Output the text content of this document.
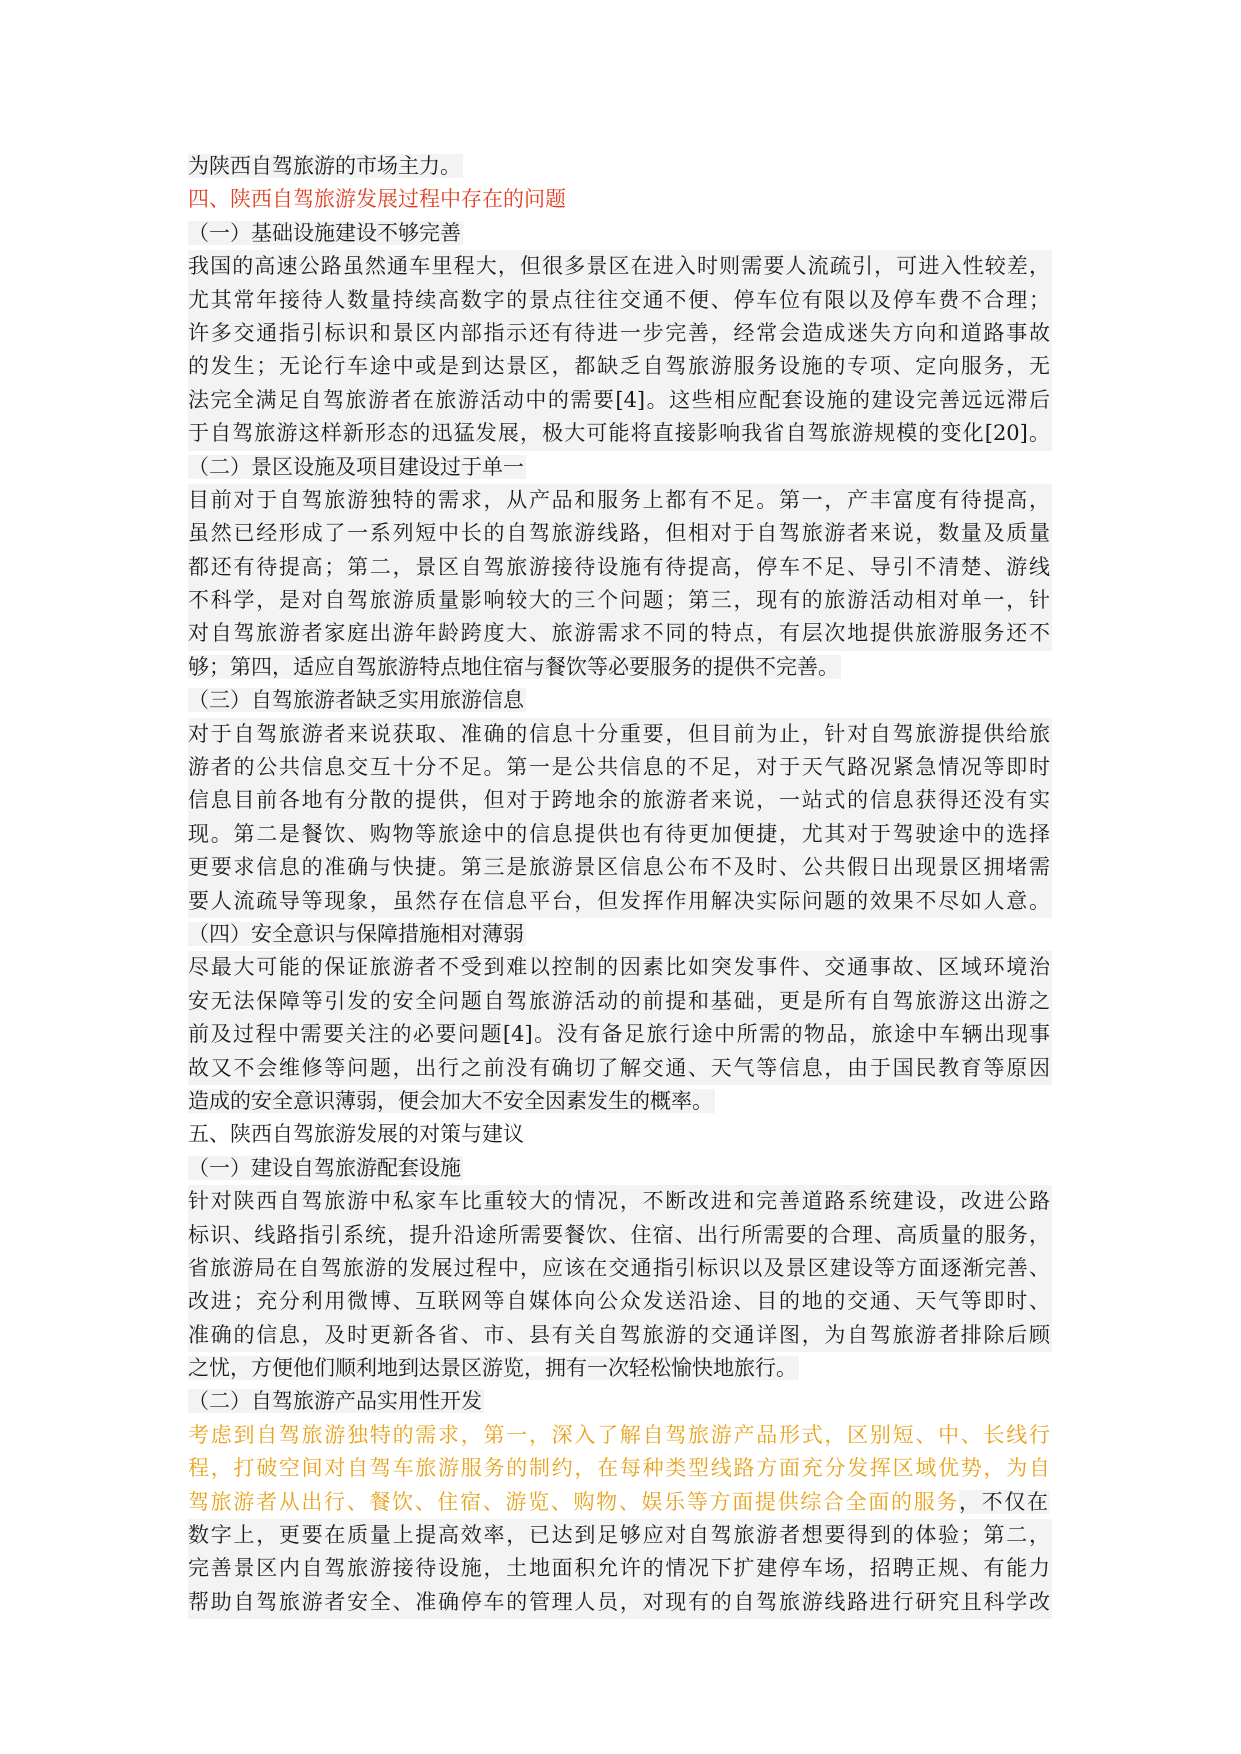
为陕西自驾旅游的市场主力。
四、陕西自驾旅游发展过程中存在的问题
（一）基础设施建设不够完善
我国的高速公路虽然通车里程大，但很多景区在进入时则需要人流疏引，可进入性较差，
尤其常年接待人数量持续高数字的景点往往交通不便、停车位有限以及停车费不合理；
许多交通指引标识和景区内部指示还有待进一步完善，经常会造成迷失方向和道路事故
的发生；无论行车途中或是到达景区，都缺乏自驾旅游服务设施的专项、定向服务，无
法完全满足自驾旅游者在旅游活动中的需要[4]。这些相应配套设施的建设完善远远滞后
于自驾旅游这样新形态的迅猛发展，极大可能将直接影响我省自驾旅游规模的变化[20]。
（二）景区设施及项目建设过于单一
目前对于自驾旅游独特的需求，从产品和服务上都有不足。第一，产丰富度有待提高，
虽然已经形成了一系列短中长的自驾旅游线路，但相对于自驾旅游者来说，数量及质量
都还有待提高；第二，景区自驾旅游接待设施有待提高，停车不足、导引不清楚、游线
不科学，是对自驾旅游质量影响较大的三个问题；第三，现有的旅游活动相对单一，针
对自驾旅游者家庭出游年龄跨度大、旅游需求不同的特点，有层次地提供旅游服务还不
够；第四，适应自驾旅游特点地住宿与餐饮等必要服务的提供不完善。
（三）自驾旅游者缺乏实用旅游信息
对于自驾旅游者来说获取、准确的信息十分重要，但目前为止，针对自驾旅游提供给旅
游者的公共信息交互十分不足。第一是公共信息的不足，对于天气路况紧急情况等即时
信息目前各地有分散的提供，但对于跨地余的旅游者来说，一站式的信息获得还没有实
现。第二是餐饮、购物等旅途中的信息提供也有待更加便捷，尤其对于驾驶途中的选择
更要求信息的准确与快捷。第三是旅游景区信息公布不及时、公共假日出现景区拥堵需
要人流疏导等现象，虽然存在信息平台，但发挥作用解决实际问题的效果不尽如人意。
（四）安全意识与保障措施相对薄弱
尽最大可能的保证旅游者不受到难以控制的因素比如突发事件、交通事故、区域环境治
安无法保障等引发的安全问题自驾旅游活动的前提和基础，更是所有自驾旅游这出游之
前及过程中需要关注的必要问题[4]。没有备足旅行途中所需的物品，旅途中车辆出现事
故又不会维修等问题，出行之前没有确切了解交通、天气等信息，由于国民教育等原因
造成的安全意识薄弱，便会加大不安全因素发生的概率。
五、陕西自驾旅游发展的对策与建议
（一）建设自驾旅游配套设施
针对陕西自驾旅游中私家车比重较大的情况，不断改进和完善道路系统建设，改进公路
标识、线路指引系统，提升沿途所需要餐饮、住宿、出行所需要的合理、高质量的服务，
省旅游局在自驾旅游的发展过程中，应该在交通指引标识以及景区建设等方面逐渐完善、
改进；充分利用微博、互联网等自媒体向公众发送沿途、目的地的交通、天气等即时、
准确的信息，及时更新各省、市、县有关自驾旅游的交通详图，为自驾旅游者排除后顾
之忧，方便他们顺利地到达景区游览，拥有一次轻松愉快地旅行。
（二）自驾旅游产品实用性开发
考虑到自驾旅游独特的需求，第一，深入了解自驾旅游产品形式，区别短、中、长线行
程，打破空间对自驾车旅游服务的制约，在每种类型线路方面充分发挥区域优势，为自
驾旅游者从出行、餐饮、住宿、游览、购物、娱乐等方面提供综合全面的服务，不仅在
数字上，更要在质量上提高效率，已达到足够应对自驾旅游者想要得到的体验；第二，
完善景区内自驾旅游接待设施，土地面积允许的情况下扩建停车场，招聘正规、有能力
帮助自驾旅游者安全、准确停车的管理人员，对现有的自驾旅游线路进行研究且科学改
